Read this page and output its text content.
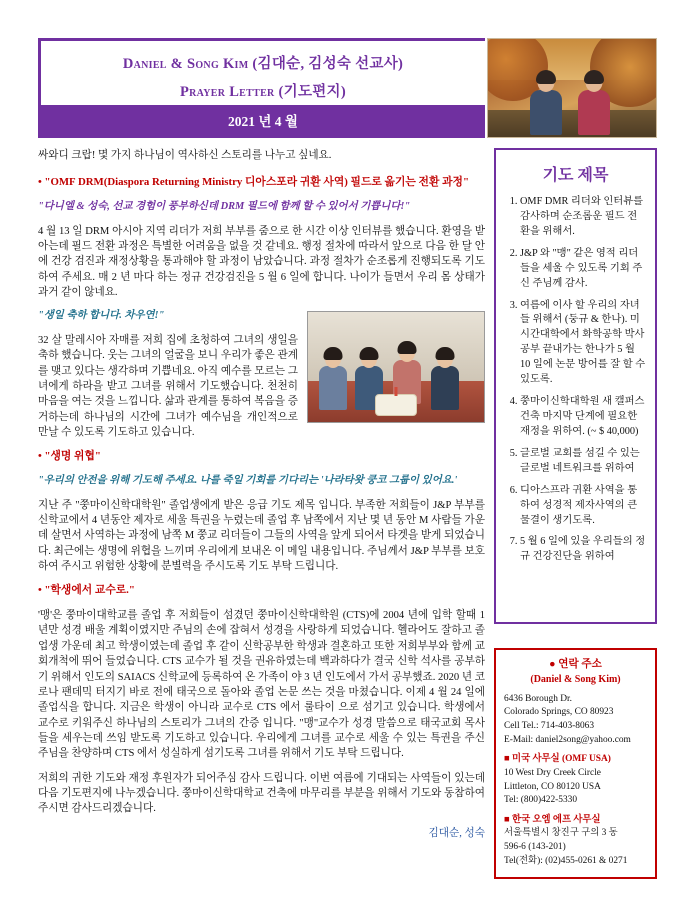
Daniel & Song Kim (김대순, 김성숙 선교사)
Prayer Letter (기도편지)
2021 년 4 월

싸와디 크랍! 몇 가지 하나님이 역사하신 스토리를 나누고 싶네요.

• "OMF DRM(Diaspora Returning Ministry 디아스포라 귀환 사역) 필드로 옮기는 전환 과정"

"다니엘 & 성숙, 선교 경험이 풍부하신데 DRM 필드에 함께 할 수 있어서 기쁩니다!"

4 월 13 일 DRM 아시아 지역 리더가 저희 부부를 줌으로 한 시간 이상 인터뷰를 했습니다. 환영을 받아는데 필드 전환 과정은 특별한 어려움을 없을 것 같네요. 행정 절차에 따라서 앞으로 다음 한 달 안에 건강 검진과 재정상황을 통과해야 할 과정이 남았습니다. 과정 절차가 순조롭게 진행되도록 기도하여 주세요. 매 2 년 마다 하는 정규 건강검진을 5 월 6 일에 합니다. 나이가 들면서 우리 몸 상태가 과거 같이 않네요.

"생일 축하 합니다. 차우연!"

32 살 말레시아 자매를 저희 집에 초청하여 그녀의 생일을 축하 했습니다. 웃는 그녀의 얼굴을 보니 우리가 좋은 관계를 맺고 있다는 생각하며 기쁩네요. 아직 예수를 모르는 그녀에게 하라을 받고 그녀를 위해서 기도했습니다. 천천히 마음을 여는 것을 느낍니다. 삶과 관계를 통하여 복음을 증거하는데 하나님의 시간에 그녀가 예수님을 개인적으로 만날 수 있도록 기도하고 있습니다.

• "생명 위협"

"우리의 안전을 위해 기도해 주세요. 나를 죽일 기회를 기다리는 '나라타왓 쿵코 그룹이 있어요.'

지난 주 "쭝마이신학대학원" 졸업생에게 받은 응급 기도 제목 입니다. 부족한 저희들이 J&P 부부를 신학교에서 4 년동안 제자로 세울 특권을 누렸는데 졸업 후 남쪽에서 지난 몇 년 동안 M 사람들 가운데 살면서 사역하는 과정에 남쪽 M 쭝교 리더들이 그들의 사역을 앞게 되어서 타겟을 받게 되었습니다. 최근에는 생명에 위협을 느끼며 우리에게 보내온 이 메일 내용입니다. 주님께서 J&P 부부를 보호하여 주시고 위험한 상황에 분별력을 주시도록 기도 부탁 드립니다.

• "학생에서 교수로."

'맹'은 쭝마이대학교를 졸업 후 저희들이 섬겼던 쭝마이신학대학원 (CTS)에 2004 년에 입학 할때 1 년만 성경 배울 계획이였지만 주님의 손에 잡혀서 성경을 사랑하게 되었습니다. 헬라어도 잘하고 졸업생 가운데 최고 학생이였는데 졸업 후 같이 신학공부한 학생과 결혼하고 또한 저희부부와 함께 교회개척에 뛰어 들었습니다. CTS 교수가 될 것을 권유하였는데 백과하다가 결국 신학 석사를 공부하기 위해서 인도의 SAIACS 신학교에 등록하여 온 가족이 야 3 년 인도에서 가서 공부했죠. 2020 년 코로나 팬데믹 터지기 바로 전에 태국으로 돌아와 졸업 논문 쓰는 것을 마쳤습니다. 이제 4 월 24 일에 졸업식을 합니다. 지금은 학생이 아니라 교수로 CTS 에서 룰타이 으로 섬기고 있습니다. 학생에서 교수로 키워주신 하나님의 스토리가 그녀의 간증 입니다. "맹"교수가 성경 말씀으로 태국교회 목사들을 세우는데 쓰임 받도록 기도하고 있습니다. 우리에게 그녀를 교수로 세울 수 있는 특권을 주신 주님을 찬양하며 CTS 에서 성실하게 섬기도록 그녀를 위해서 기도 부탁 드립니다.

저희의 귀한 기도와 재정 후원자가 되어주심 감사 드립니다. 이번 여름에 기대되는 사역들이 있는데 다음 기도편지에 나누겠습니다. 쭝마이신학대학교 건축에 마무리를 부분을 위해서 기도와 동참하여 주시면 감사드리겠습니다.

김대순, 성숙

기도 제목
1. OMF DMR 리더와 인터뷰를 감사하며 순조롭운 필드 전환을 위해서.
2. J&P 와 "맹" 같은 영적 리더들을 세울 수 있도록 기회 주신 주님께 감사.
3. 여름에 이사 할 우리의 자녀들 위해서 (둥규 & 한나). 미시간대학에서 화학공학 박사 공부 끝내가는 한나가 5 월 10 일에 논문 방어를 잘 할 수 있도록.
4. 쭝마이신학대학원 새 캘퍼스 건축 마지막 단계에 필요한 재정을 위하여. (~ $ 40,000)
5. 글로벌 교회를 섬길 수 있는 글로벌 네트워크를 위하여
6. 디아스프라 귀환 사역을 통하여 성경적 제자사역의 큰 물결이 생기도록.
7. 5 월 6 일에 있을 우리들의 정규 건강진단을 위하여
● 연락 주소
(Daniel & Song Kim)

6436 Borough Dr.

Colorado Springs, CO 80923

Cell Tel.: 714-403-8063

E-Mail: daniel2song@yahoo.com

■ 미국 사무실 (OMF USA)

10 West Dry Creek Circle

Littleton, CO 80120 USA

Tel: (800)422-5330

■ 한국 오엠 에프 사무실

서울특별시 창진구 구의 3 동

596-6 (143-201)

Tel(전화): (02)455-0261 & 0271
